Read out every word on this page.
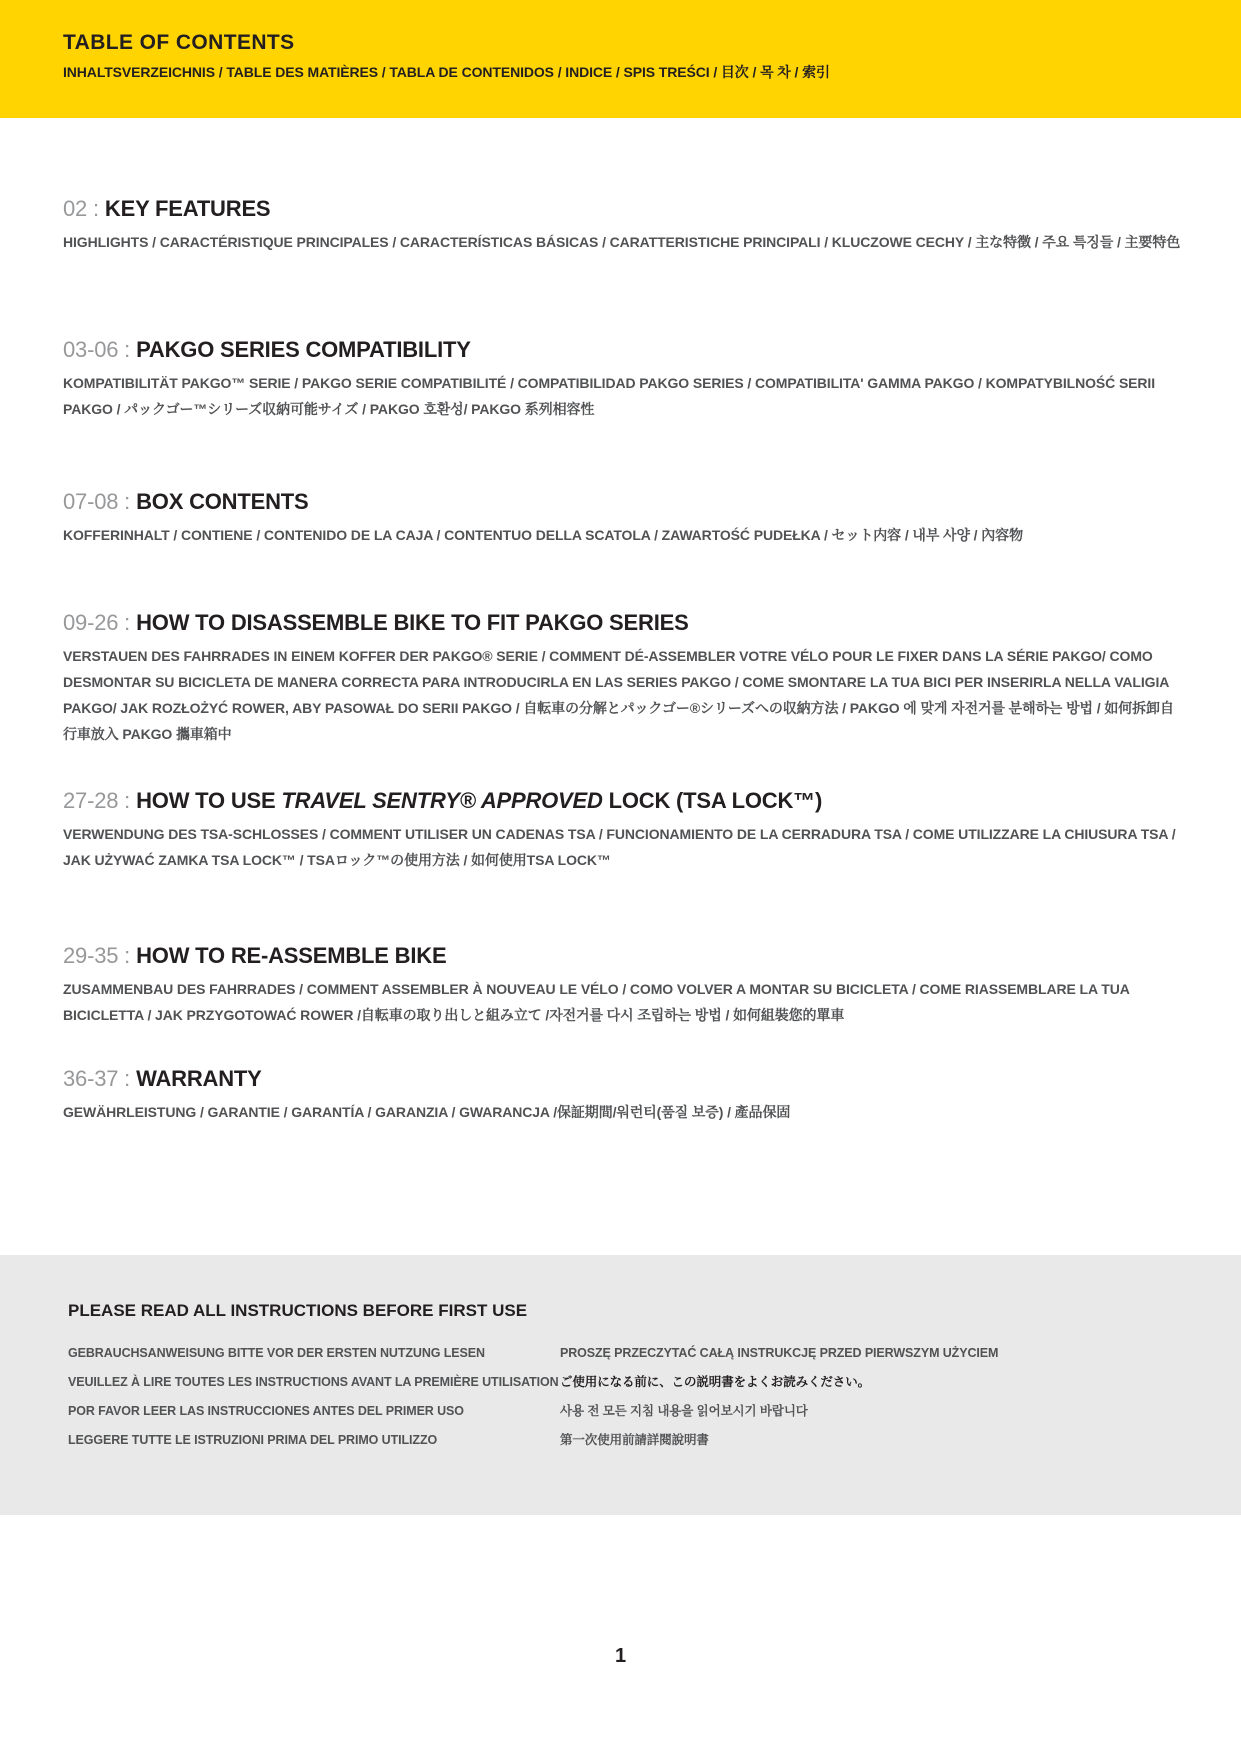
TABLE OF CONTENTS
INHALTSVERZEICHNIS / TABLE DES MATIÈRES / TABLA DE CONTENIDOS / INDICE / SPIS TREŚCI / 目次 / 목 차 / 索引
02 : KEY FEATURES

HIGHLIGHTS / CARACTÉRISTIQUE PRINCIPALES / CARACTERÍSTICAS BÁSICAS / CARATTERISTICHE PRINCIPALI / KLUCZOWE CECHY / 主な特徴 / 주요 특징들 / 主要特色

03-06 : PAKGO SERIES COMPATIBILITY

KOMPATIBILITÄT PAKGO™ SERIE / PAKGO SERIE COMPATIBILITÉ / COMPATIBILIDAD PAKGO SERIES / COMPATIBILITA' GAMMA PAKGO / KOMPATYBILNOŚĆ SERII PAKGO / パックゴー™シリーズ収納可能サイズ / PAKGO 호환성/ PAKGO 系列相容性

07-08 : BOX CONTENTS

KOFFERINHALT / CONTIENE / CONTENIDO DE LA CAJA / CONTENTUO DELLA SCATOLA / ZAWARTOŚĆ PUDEŁKA / セット内容 / 내부 사양 / 內容物

09-26 : HOW TO DISASSEMBLE BIKE TO FIT PAKGO SERIES

VERSTAUEN DES FAHRRADES IN EINEM KOFFER DER PAKGO® SERIE / COMMENT DÉ-ASSEMBLER VOTRE VÉLO POUR LE FIXER DANS LA SÉRIE PAKGO/ COMO DESMONTAR SU BICICLETA DE MANERA CORRECTA PARA INTRODUCIRLA EN LAS SERIES PAKGO / COME SMONTARE LA TUA BICI PER INSERIRLA NELLA VALIGIA PAKGO/ JAK ROZŁOŻYĆ ROWER, ABY PASOWAŁ DO SERII PAKGO / 自転車の分解とパックゴー®シリーズへの収納方法 / PAKGO 에 맞게 자전거를 분해하는 방법 / 如何拆卸自行車放入 PAKGO 攜車箱中

27-28 : HOW TO USE TRAVEL SENTRY® APPROVED LOCK (TSA LOCK™)

VERWENDUNG DES TSA-SCHLOSSES / COMMENT UTILISER UN CADENAS TSA / FUNCIONAMIENTO DE LA CERRADURA TSA / COME UTILIZZARE LA CHIUSURA TSA / JAK UŻYWAĆ ZAMKA TSA LOCK™ / TSAロック™の使用方法 / 如何使用TSA LOCK™

29-35 : HOW TO RE-ASSEMBLE BIKE

ZUSAMMENBAU DES FAHRRADES / COMMENT ASSEMBLER À NOUVEAU LE VÉLO / COMO VOLVER A MONTAR SU BICICLETA / COME RIASSEMBLARE LA TUA BICICLETTA / JAK PRZYGOTOWAĆ ROWER /自転車の取り出しと組み立て /자전거를 다시 조립하는 방법 / 如何組裝您的單車

36-37 : WARRANTY

GEWÄHRLEISTUNG / GARANTIE / GARANTÍA / GARANZIA / GWARANCJA /保証期間/워런티(품질 보증) / 產品保固

PLEASE READ ALL INSTRUCTIONS BEFORE FIRST USE
GEBRAUCHSANWEISUNG BITTE VOR DER ERSTEN NUTZUNG LESEN
VEUILLEZ À LIRE TOUTES LES INSTRUCTIONS AVANT LA PREMIÈRE UTILISATION
POR FAVOR LEER LAS INSTRUCCIONES ANTES DEL PRIMER USO
LEGGERE TUTTE LE ISTRUZIONI PRIMA DEL PRIMO UTILIZZO
PROSZĘ PRZECZYTAĆ CAŁĄ INSTRUKCJĘ PRZED PIERWSZYM UŻYCIEM
ご使用になる前に、この説明書をよくお読みください。
사용 전 모든 지침 내용을 읽어보시기 바랍니다
第一次使用前請詳閱說明書
1
